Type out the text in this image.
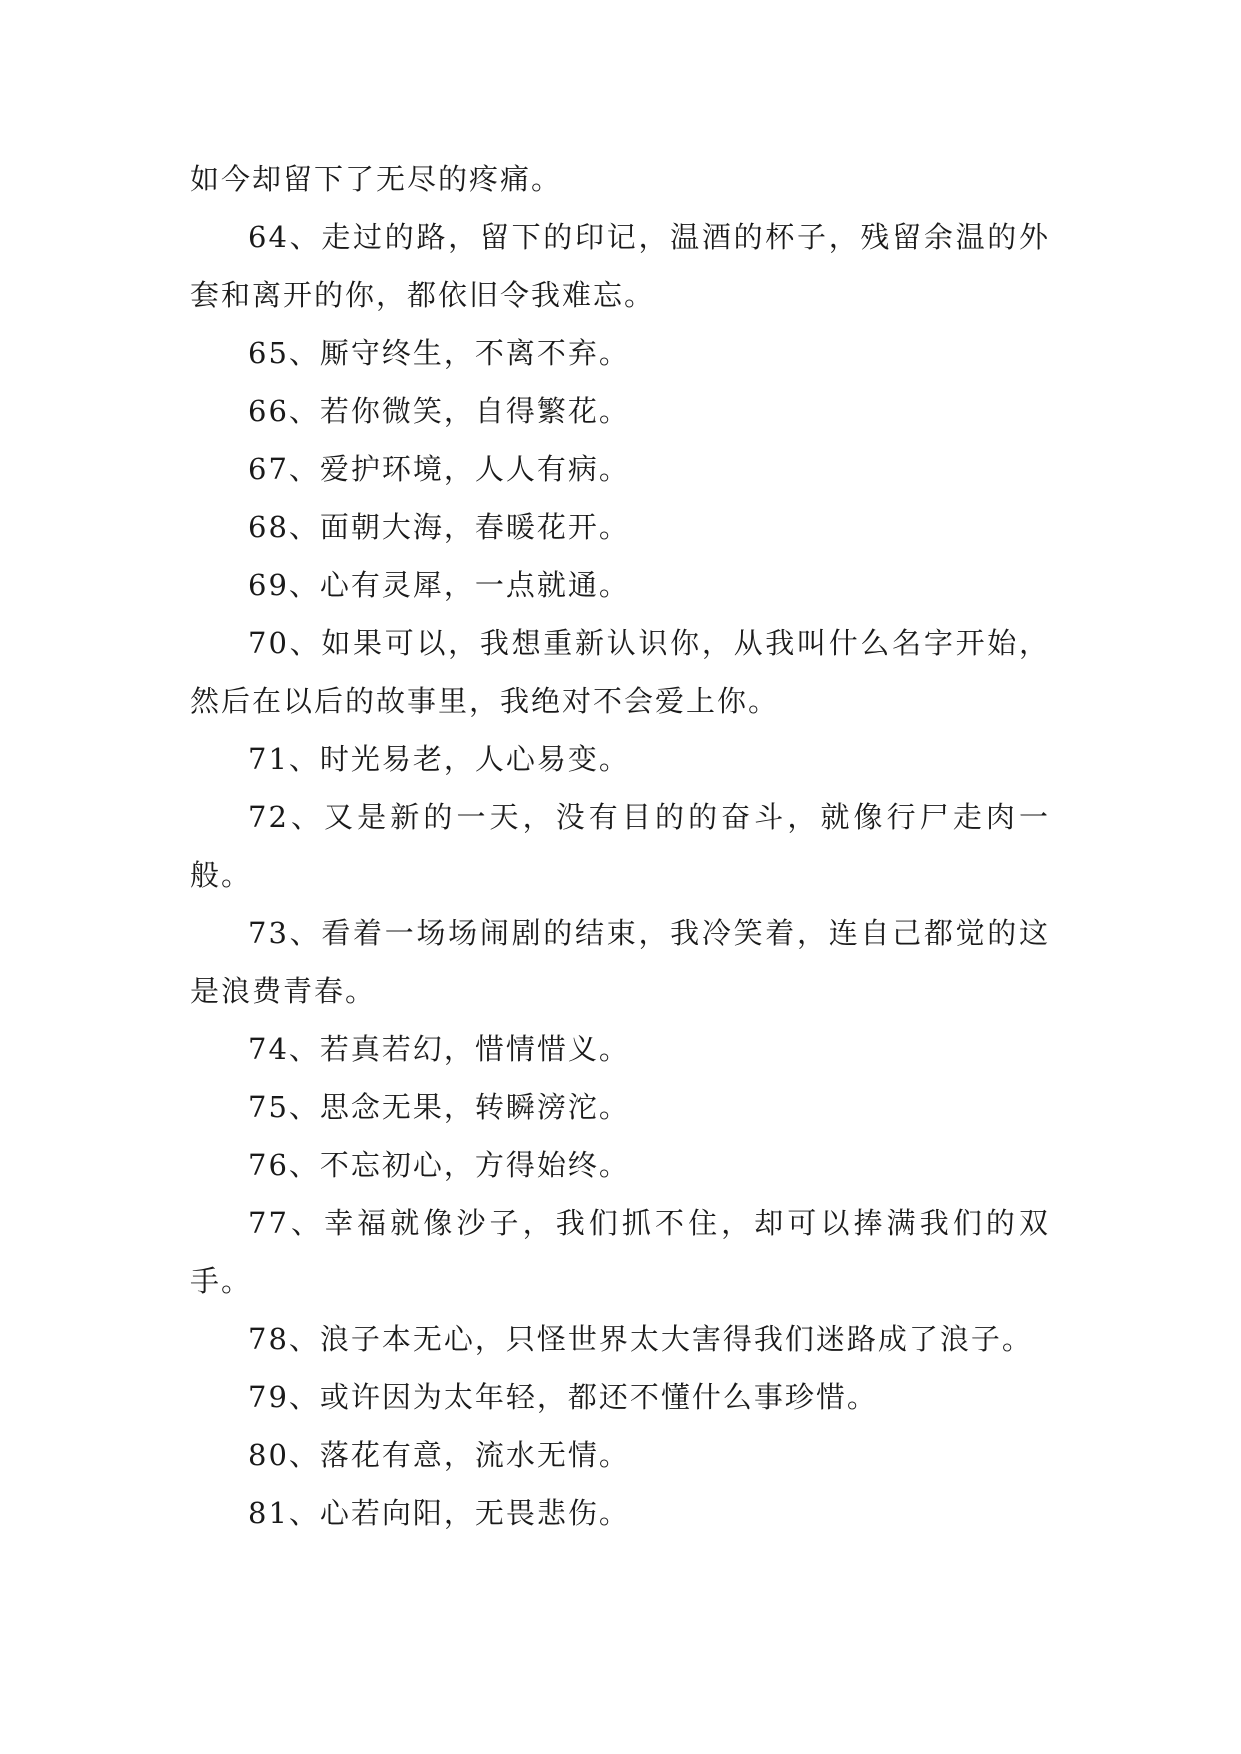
如今却留下了无尽的疼痛。

64、走过的路，留下的印记，温酒的杯子，残留余温的外套和离开的你，都依旧令我难忘。

65、厮守终生，不离不弃。

66、若你微笑，自得繁花。

67、爱护环境，人人有病。

68、面朝大海，春暖花开。

69、心有灵犀，一点就通。

70、如果可以，我想重新认识你，从我叫什么名字开始，然后在以后的故事里，我绝对不会爱上你。

71、时光易老，人心易变。

72、又是新的一天，没有目的的奋斗，就像行尸走肉一般。

73、看着一场场闹剧的结束，我冷笑着，连自己都觉的这是浪费青春。

74、若真若幻，惜情惜义。

75、思念无果，转瞬滂沱。

76、不忘初心，方得始终。

77、幸福就像沙子，我们抓不住，却可以捧满我们的双手。

78、浪子本无心，只怪世界太大害得我们迷路成了浪子。

79、或许因为太年轻，都还不懂什么事珍惜。

80、落花有意，流水无情。

81、心若向阳，无畏悲伤。
